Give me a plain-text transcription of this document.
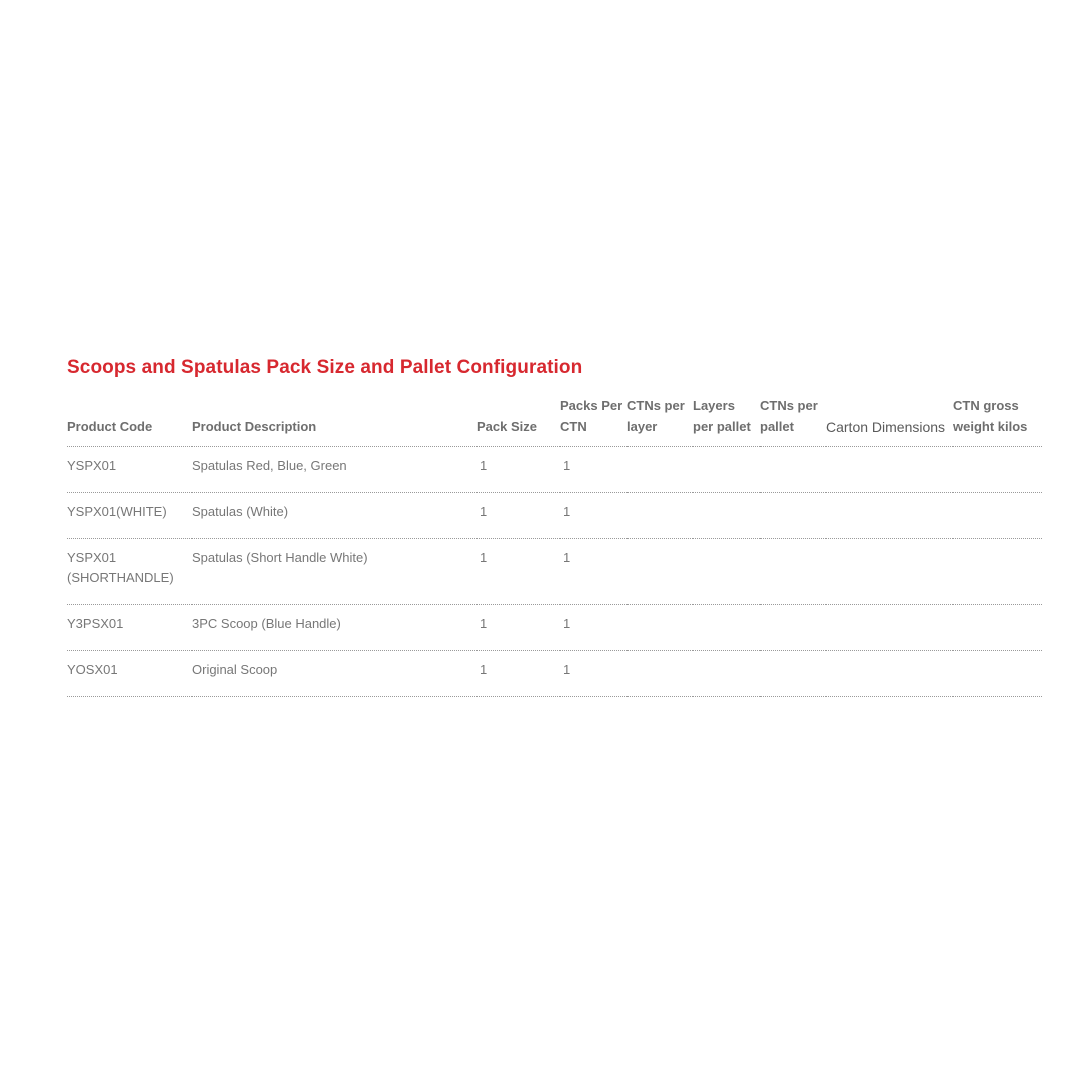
Scoops and Spatulas Pack Size and Pallet Configuration
Product Code	Product Description	Pack Size	Packs Per CTN	CTNs per layer	Layers per pallet	CTNs per pallet	Carton Dimensions	CTN gross weight kilos
YSPX01	Spatulas Red, Blue, Green	1	1					
YSPX01(WHITE)	Spatulas (White)	1	1					
YSPX01 (SHORTHANDLE)	Spatulas (Short Handle White)	1	1					
Y3PSX01	3PC Scoop (Blue Handle)	1	1					
YOSX01	Original Scoop	1	1					
